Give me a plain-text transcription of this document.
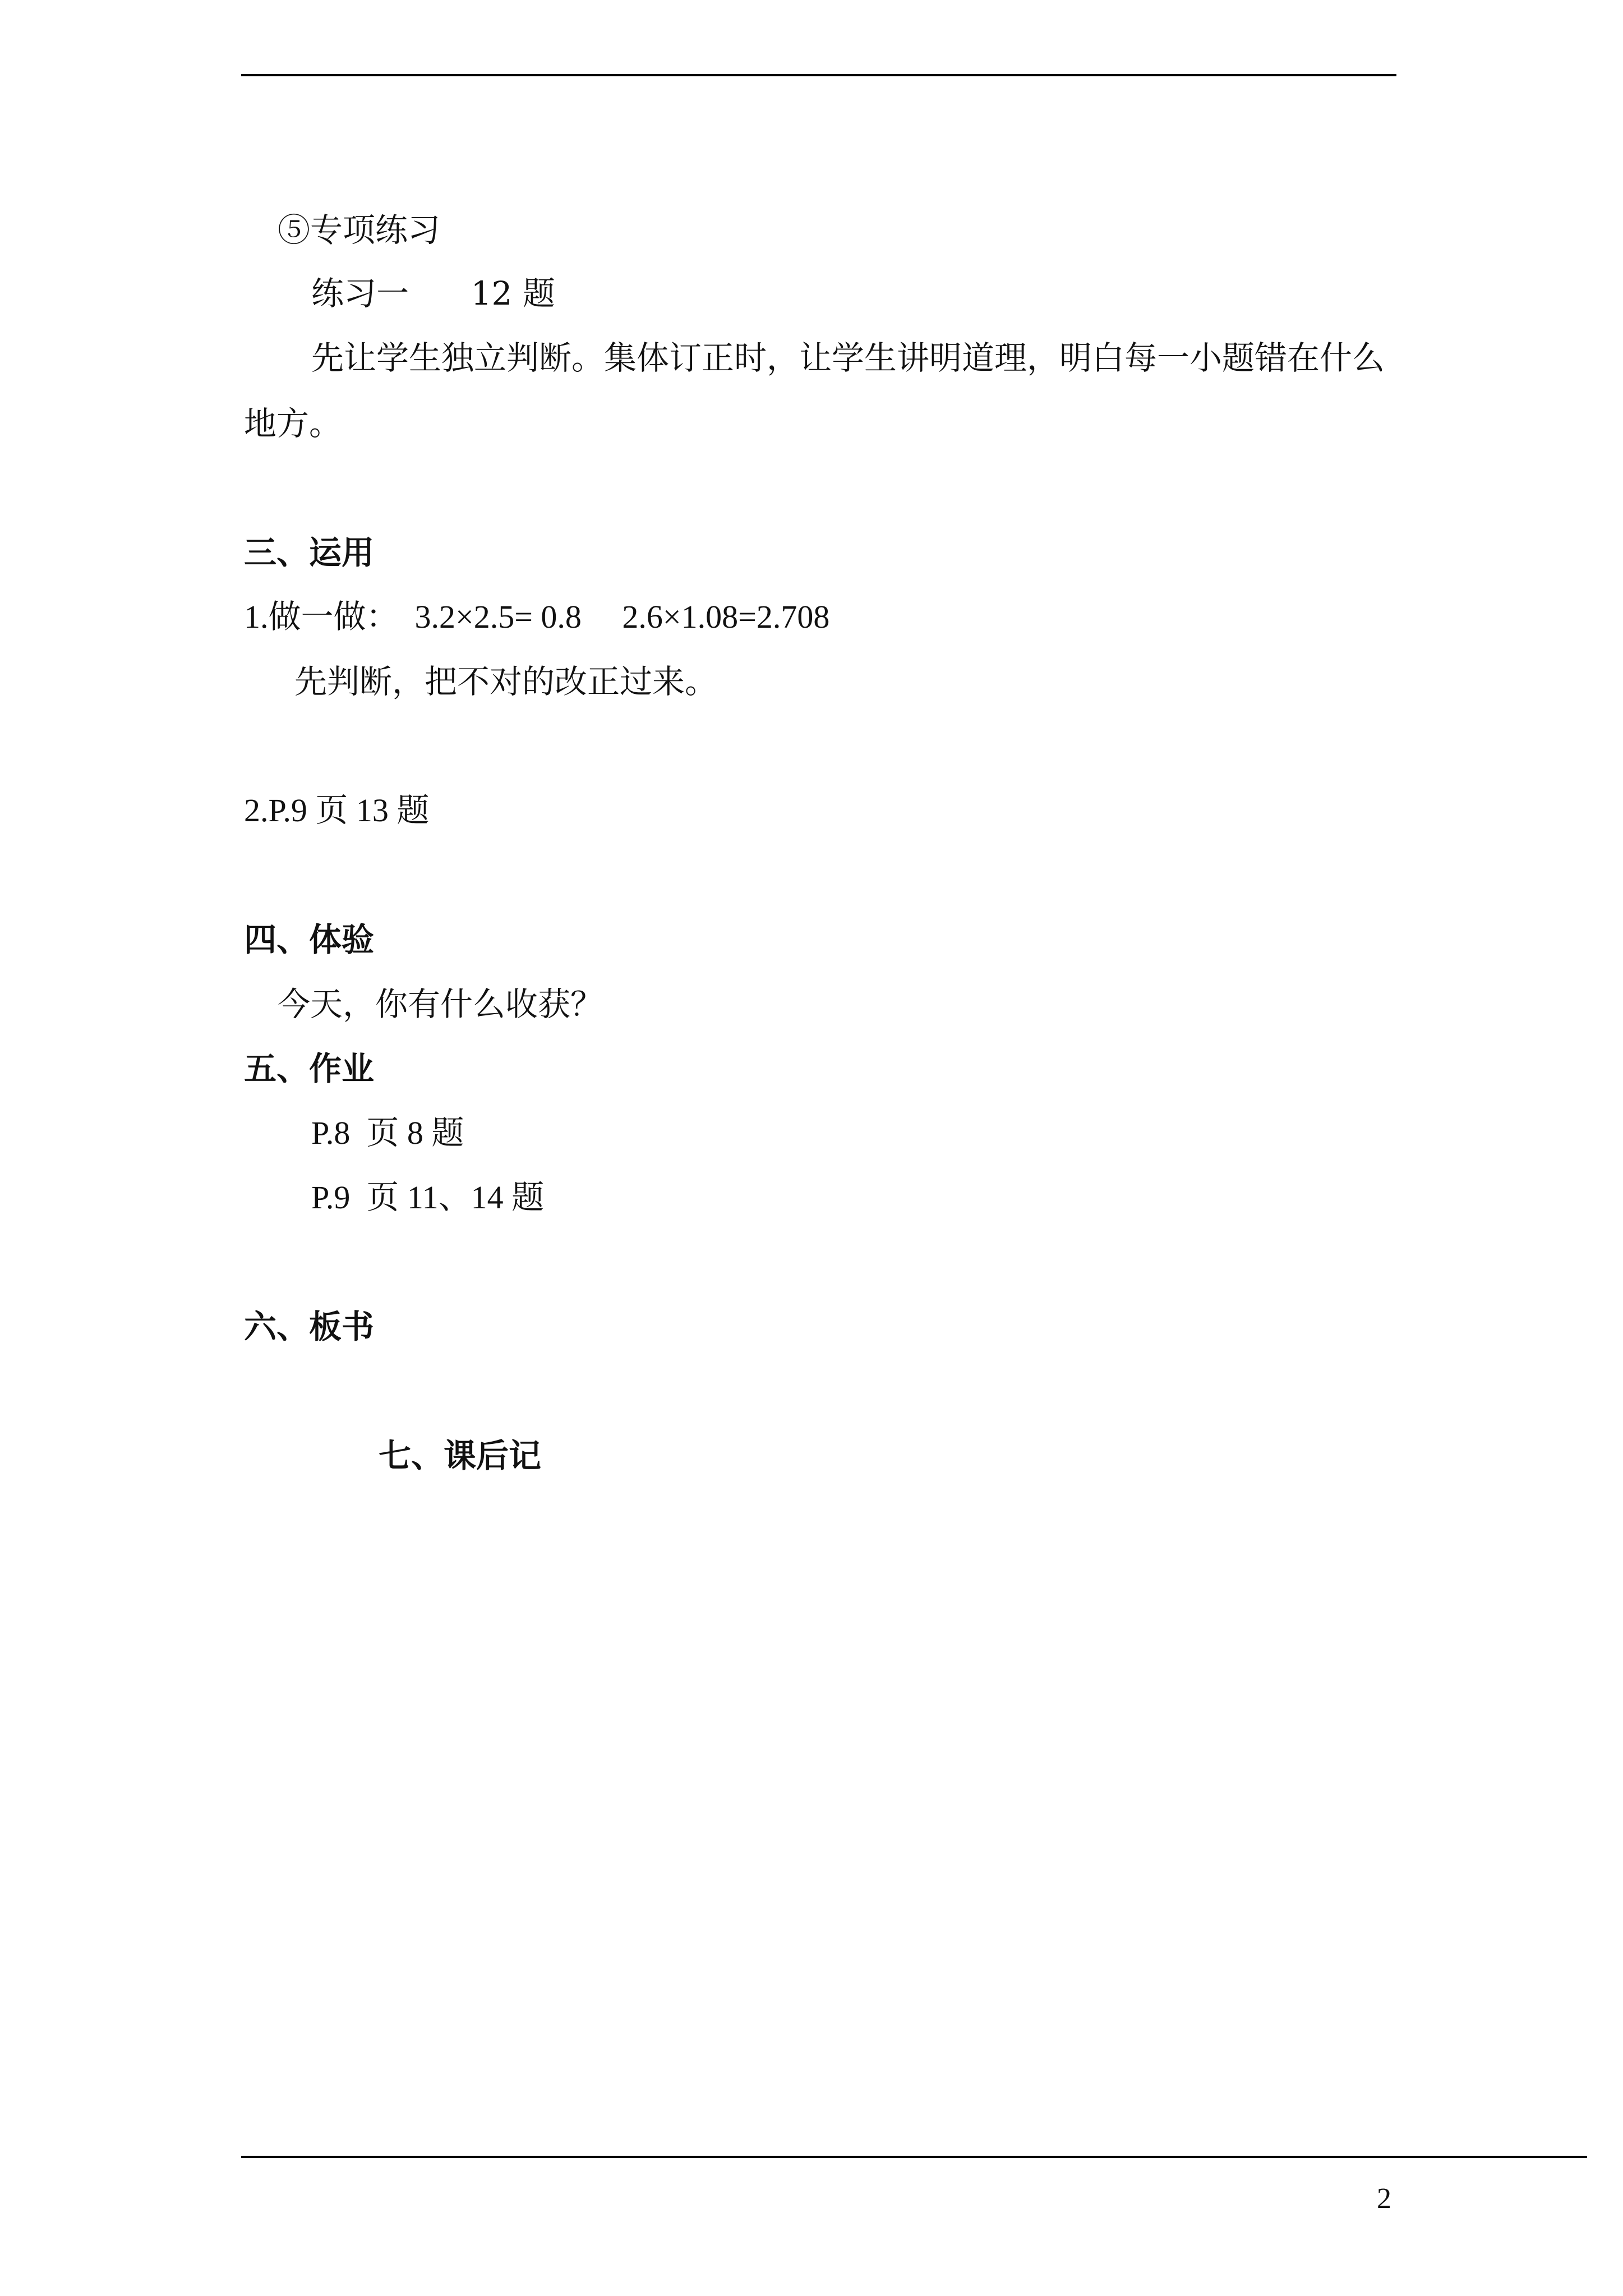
⑤专项练习
练习一      12 题
先让学生独立判断。集体订正时，让学生讲明道理，明白每一小题错在什么
地方。
三、运用
1.做一做：  3.2×2.5= 0.8     2.6×1.08=2.708
先判断，把不对的改正过来。
2.P.9 页 13 题
四、体验
今天，你有什么收获？
五、作业
P.8  页 8 题
P.9  页 11、14 题
六、板书
七、课后记
2
